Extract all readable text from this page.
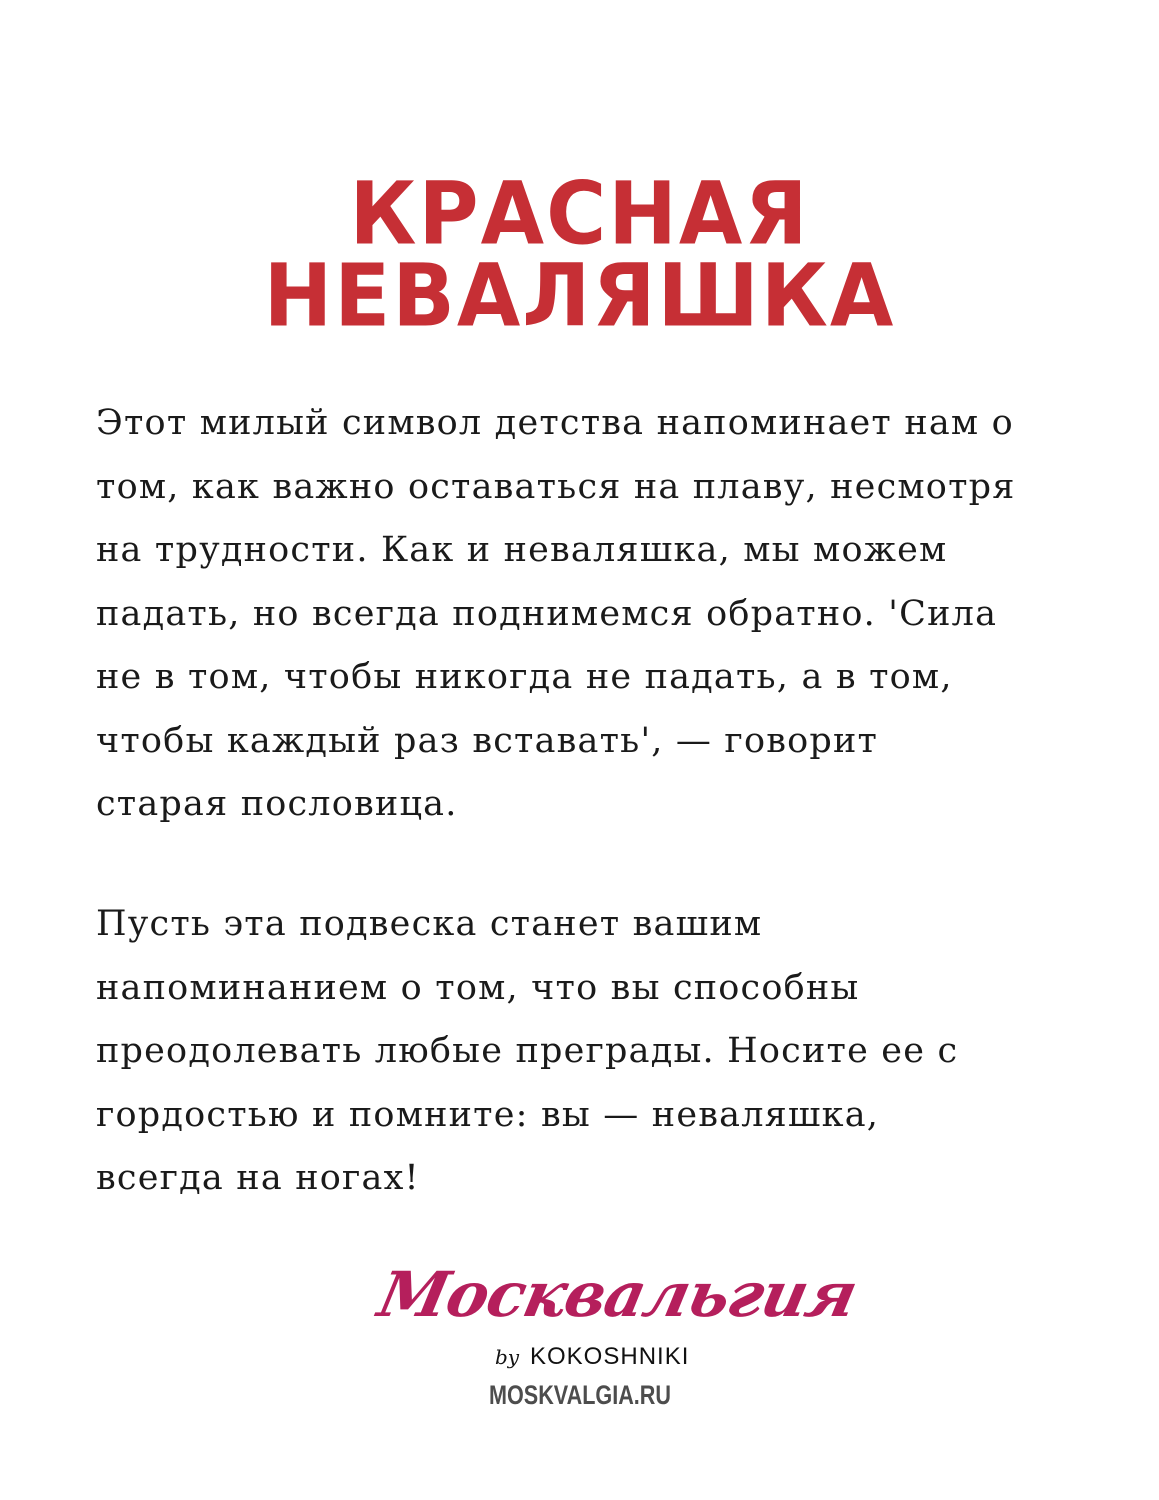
КРАСНАЯ
НЕВАЛЯШКА
Этот милый символ детства напоминает нам о
том, как важно оставаться на плаву, несмотря
на трудности. Как и неваляшка, мы можем
падать, но всегда поднимемся обратно. 'Сила
не в том, чтобы никогда не падать, а в том,
чтобы каждый раз вставать', — говорит
старая пословица.
Пусть эта подвеска станет вашим
напоминанием о том, что вы способны
преодолевать любые преграды. Носите ее с
гордостью и помните: вы — неваляшка,
всегда на ногах!
Москвальгия
by KOKOSHNIKI
MOSKVALGIA.RU
